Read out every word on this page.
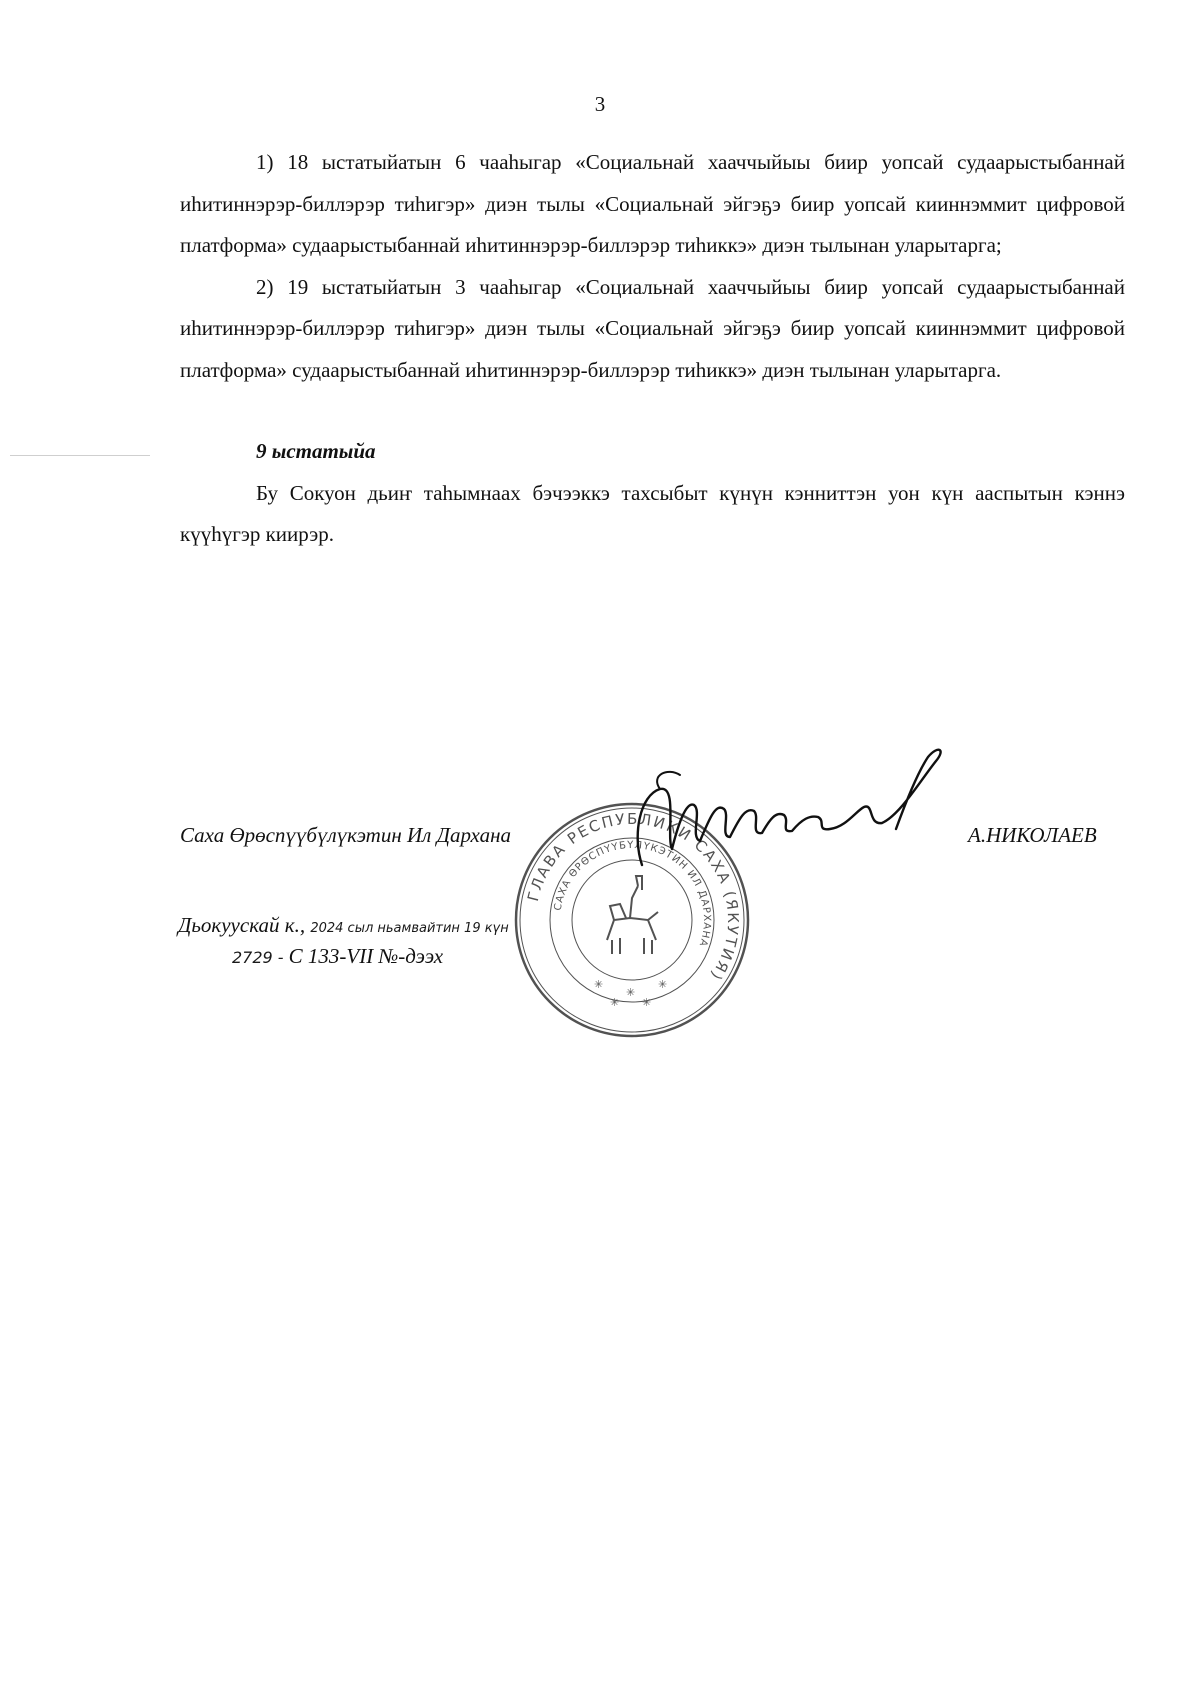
3

1) 18 ыстатыйатын 6 чааһыгар «Социальнай хааччыйыы биир уопсай судаарыстыбаннай иһитиннэрэр-биллэрэр тиһигэр» диэн тылы «Социальнай эйгэҕэ биир уопсай кииннэммит цифровой платформа» судаарыстыбаннай иһитиннэрэр-биллэрэр тиһиккэ» диэн тылынан уларытарга;

2) 19 ыстатыйатын 3 чааһыгар «Социальнай хааччыйыы биир уопсай судаарыстыбаннай иһитиннэрэр-биллэрэр тиһигэр» диэн тылы «Социальнай эйгэҕэ биир уопсай кииннэммит цифровой платформа» судаарыстыбаннай иһитиннэрэр-биллэрэр тиһиккэ» диэн тылынан уларытарга.

9 ыстатыйа

Бу Сокуон дьиҥ таһымнаах бэчээккэ тахсыбыт күнүн кэнниттэн уон күн ааспытын кэннэ күүһүгэр киирэр.

ГЛАВА РЕСПУБЛИКИ САХА (ЯКУТИЯ)
САХА ӨРӨСПҮҮБҮЛҮКЭТИН ИЛ ДАРХАНА
✳
✳
✳
✳ ✳
Саха Өрөспүүбүлүкэтин Ил Дарханa	А.НИКОЛАЕВ
Дьокуускай к., 2024 сыл ньамвайтин 19 күн
2729 - С 133-VII №-дээх
